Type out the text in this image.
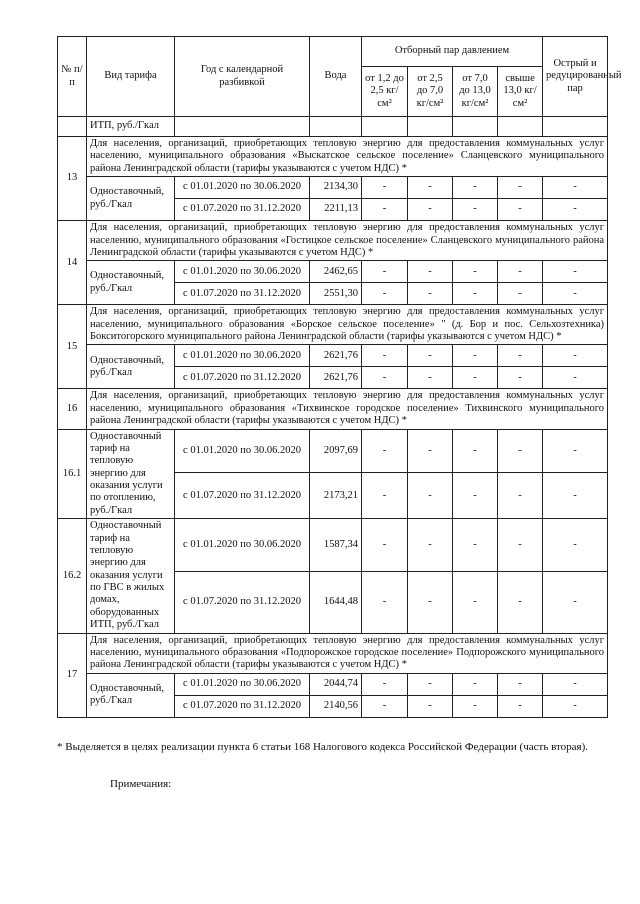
№ п/п	Вид тарифа	Год с календарной разбивкой	Вода	Отборный пар давлением				Острый и редуцированный пар
				от 1,2 до 2,5 кг/см²	от 2,5 до 7,0 кг/см²	от 7,0 до 13,0 кг/см²	свыше 13,0 кг/см²	
	ИТП, руб./Гкал							
13	Для населения, организаций, приобретающих тепловую энергию для предоставления коммунальных услуг населению, муниципального образования «Выскатское сельское поселение» Сланцевского муниципального района Ленинградской области (тарифы указываются с учетом НДС) *							
	Одноставочный, руб./Гкал	с 01.01.2020 по 30.06.2020	2134,30	-	-	-	-	-
		с 01.07.2020 по 31.12.2020	2211,13	-	-	-	-	-
14	Для населения, организаций, приобретающих тепловую энергию для предоставления коммунальных услуг населению, муниципального образования «Гостицкое сельское поселение» Сланцевского муниципального района Ленинградской области (тарифы указываются с учетом НДС) *							
	Одноставочный, руб./Гкал	с 01.01.2020 по 30.06.2020	2462,65	-	-	-	-	-
		с 01.07.2020 по 31.12.2020	2551,30	-	-	-	-	-
15	Для населения, организаций, приобретающих тепловую энергию для предоставления коммунальных услуг населению, муниципального образования «Борское сельское поселение» " (д. Бор и пос. Сельхозтехника) Бокситогорского муниципального района Ленинградской области (тарифы указываются с учетом НДС) *							
	Одноставочный, руб./Гкал	с 01.01.2020 по 30.06.2020	2621,76	-	-	-	-	-
		с 01.07.2020 по 31.12.2020	2621,76	-	-	-	-	-
16	Для населения, организаций, приобретающих тепловую энергию для предоставления коммунальных услуг населению, муниципального образования «Тихвинское городское поселение» Тихвинского муниципального района Ленинградской области (тарифы указываются с учетом НДС) *							
16.1	Одноставочный тариф на тепловую энергию для оказания услуги по отоплению, руб./Гкал	с 01.01.2020 по 30.06.2020	2097,69	-	-	-	-	-
		с 01.07.2020 по 31.12.2020	2173,21	-	-	-	-	-
16.2	Одноставочный тариф на тепловую энергию для оказания услуги по ГВС в жилых домах, оборудованных ИТП, руб./Гкал	с 01.01.2020 по 30.06.2020	1587,34	-	-	-	-	-
		с 01.07.2020 по 31.12.2020	1644,48	-	-	-	-	-
17	Для населения, организаций, приобретающих тепловую энергию для предоставления коммунальных услуг населению, муниципального образования «Подпорожское городское поселение» Подпорожского муниципального района Ленинградской области (тарифы указываются с учетом НДС) *							
	Одноставочный, руб./Гкал	с 01.01.2020 по 30.06.2020	2044,74	-	-	-	-	-
		с 01.07.2020 по 31.12.2020	2140,56	-	-	-	-	-
* Выделяется в целях реализации пункта 6 статьи 168 Налогового кодекса Российской Федерации (часть вторая).
Примечания:
